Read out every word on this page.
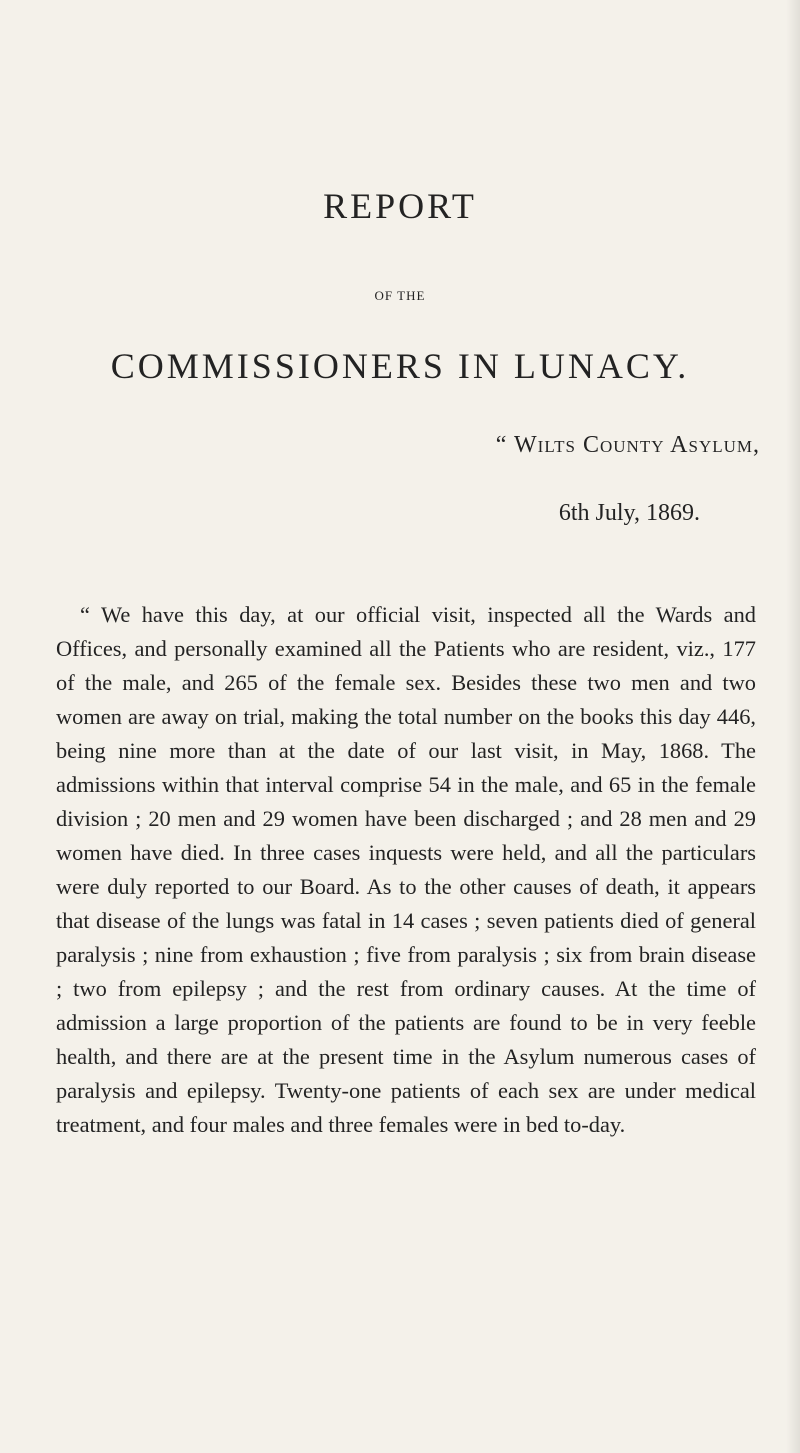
REPORT
OF THE
COMMISSIONERS IN LUNACY.
“ Wilts County Asylum,
6th July, 1869.

“ We have this day, at our official visit, inspected all the Wards and Offices, and personally examined all the Patients who are resident, viz., 177 of the male, and 265 of the female sex. Besides these two men and two women are away on trial, making the total number on the books this day 446, being nine more than at the date of our last visit, in May, 1868. The admissions within that interval comprise 54 in the male, and 65 in the female division ; 20 men and 29 women have been discharged ; and 28 men and 29 women have died. In three cases inquests were held, and all the particulars were duly reported to our Board. As to the other causes of death, it appears that disease of the lungs was fatal in 14 cases ; seven patients died of general paralysis ; nine from exhaustion ; five from paralysis ; six from brain disease ; two from epilepsy ; and the rest from ordinary causes. At the time of admission a large proportion of the patients are found to be in very feeble health, and there are at the present time in the Asylum numerous cases of paralysis and epilepsy. Twenty-one patients of each sex are under medical treatment, and four males and three females were in bed to-day.
